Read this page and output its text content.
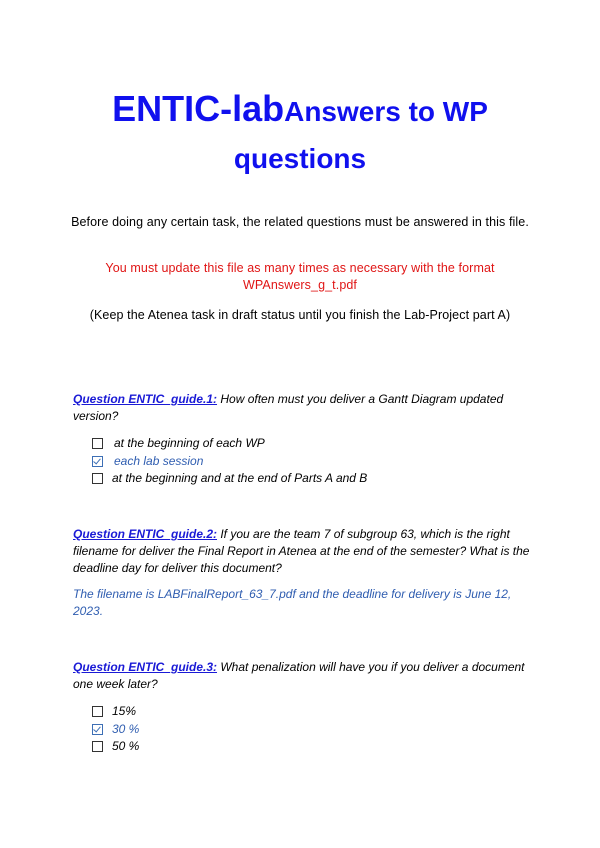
ENTIC-labAnswers to WP
questions
Before doing any certain task, the related questions must be answered in this file.
You must update this file as many times as necessary with the format WPAnswers_g_t.pdf
(Keep the Atenea task in draft status until you finish the Lab-Project part A)
Question ENTIC_guide.1: How often must you deliver a Gantt Diagram updated version?
at the beginning of each WP
each lab session
at the beginning and at the end of Parts A and B
Question ENTIC_guide.2: If you are the team 7 of subgroup 63, which is the right filename for deliver the Final Report in Atenea at the end of the semester? What is the deadline day for deliver this document?
The filename is LABFinalReport_63_7.pdf and the deadline for delivery is June 12, 2023.
Question ENTIC_guide.3: What penalization will have you if you deliver a document one week later?
15%
30 %
50 %
